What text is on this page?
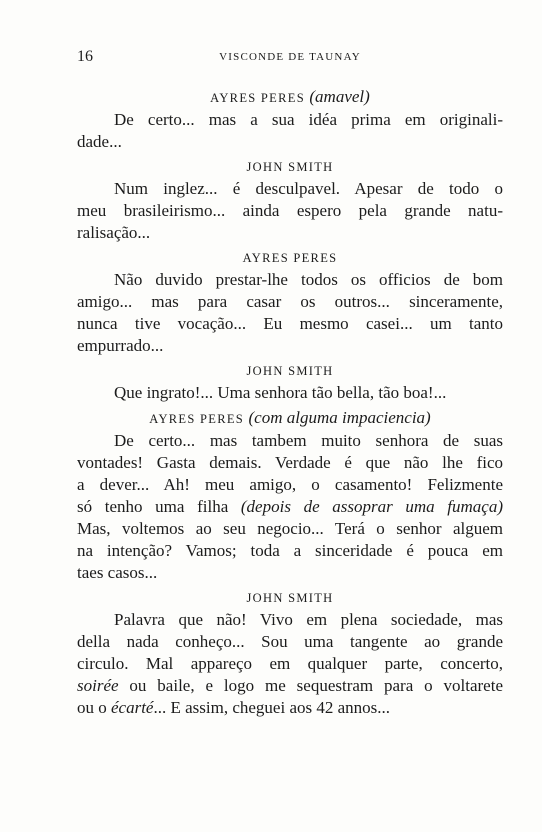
16	VISCONDE DE TAUNAY

AYRES PERES (amavel)

De certo... mas a sua idéa prima em originali-
dade...

JOHN SMITH

Num inglez... é desculpavel. Apesar de todo o
meu brasileirismo... ainda espero pela grande natu-
ralisação...

AYRES PERES

Não duvido prestar-lhe todos os officios de bom
amigo... mas para casar os outros... sinceramente,
nunca tive vocação... Eu mesmo casei... um tanto
empurrado...

JOHN SMITH

Que ingrato!... Uma senhora tão bella, tão boa!...

AYRES PERES (com alguma impaciencia)

De certo... mas tambem muito senhora de suas
vontades! Gasta demais. Verdade é que não lhe fico
a dever... Ah! meu amigo, o casamento! Felizmente
só tenho uma filha (depois de assoprar uma fumaça)
Mas, voltemos ao seu negocio... Terá o senhor alguem
na intenção? Vamos; toda a sinceridade é pouca em
taes casos...

JOHN SMITH

Palavra que não! Vivo em plena sociedade, mas
della nada conheço... Sou uma tangente ao grande
circulo. Mal appareço em qualquer parte, concerto,
soirée ou baile, e logo me sequestram para o voltarete
ou o écarté... E assim, cheguei aos 42 annos...
